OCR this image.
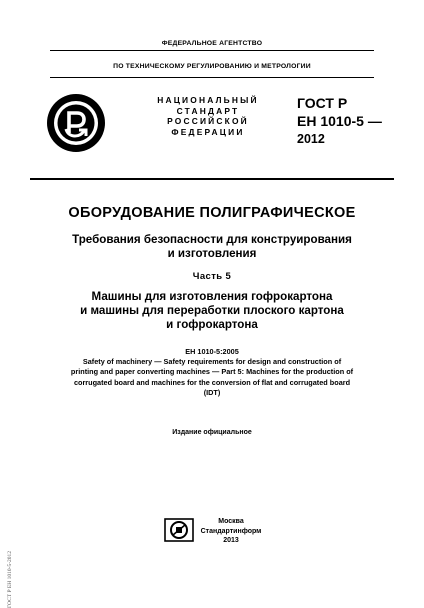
ФЕДЕРАЛЬНОЕ АГЕНТСТВО
ПО ТЕХНИЧЕСКОМУ РЕГУЛИРОВАНИЮ И МЕТРОЛОГИИ
НАЦИОНАЛЬНЫЙ
СТАНДАРТ
РОССИЙСКОЙ
ФЕДЕРАЦИИ
ГОСТ Р
ЕН 1010-5 —
2012
ОБОРУДОВАНИЕ ПОЛИГРАФИЧЕСКОЕ
Требования безопасности для конструирования
и изготовления
Часть 5
Машины для изготовления гофрокартона
и машины для переработки плоского картона
и гофрокартона
ЕН 1010-5:2005
Safety of machinery — Safety requirements for design and construction of
printing and paper converting machines — Part 5: Machines for the production of
corrugated board and machines for the conversion of flat and corrugated board
(IDT)
Издание официальное
Москва
Стандартинформ
2013
ГОСТ Р ЕН 1010-5-2012
